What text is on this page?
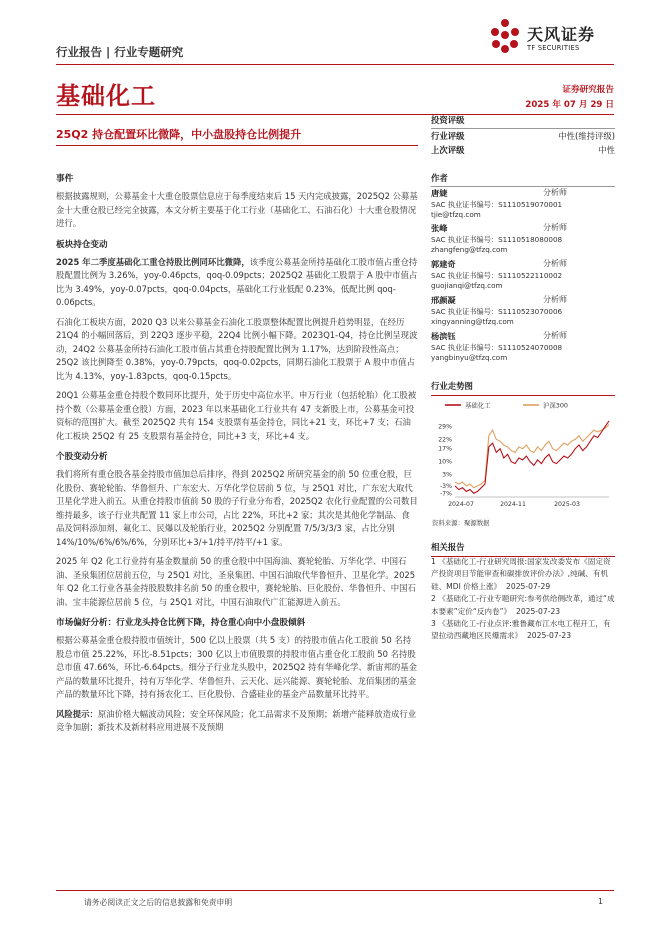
行业报告 | 行业专题研究
天风证券
TF SECURITIES
基础化工	证券研究报告
2025 年 07 月 29 日
25Q2 持仓配置环比微降，中小盘股持仓比例提升
投资评级
行业评级	中性(维持评级)
上次评级	中性
作者
唐婕	分析师
SAC 执业证书编号：S1110519070001
tjie@tfzq.com
张峰	分析师
SAC 执业证书编号：S1110518080008
zhangfeng@tfzq.com
郭建奇	分析师
SAC 执业证书编号：S1110522110002
guojianqi@tfzq.com
邢颜凝	分析师
SAC 执业证书编号：S1110523070006
xingyanning@tfzq.com
杨滨钰	分析师
SAC 执业证书编号：S1110524070008
yangbinyu@tfzq.com
行业走势图
基础化工	沪深300
29%
22%
17%
10%
3%
-3%
-7%
2024-07	2024-11	2025-03
资料来源：聚源数据
相关报告
1 《基础化工-行业研究周报:国家发改委发布《固定资产投资项目节能审查和碳排放评价办法》,纯碱、有机硅、MDI 价格上涨》 2025-07-29
2 《基础化工-行业专题研究:参考供给侧改革，通过“成本要素”定价“反内卷”》 2025-07-23
3 《基础化工-行业点评:雅鲁藏布江水电工程开工，有望拉动西藏地区民爆需求》 2025-07-23

事件

根据披露规则，公募基金十大重仓股票信息应于每季度结束后 15 天内完成披露，2025Q2 公募基金十大重仓股已经完全披露，本文分析主要基于化工行业（基础化工、石油石化）十大重仓股情况进行。

板块持仓变动

2025 年二季度基础化工重仓持股比例同环比微降，该季度公募基金所持基础化工股市值占重仓持股配置比例为 3.26%，yoy-0.46pcts，qoq-0.09pcts；2025Q2 基础化工股票于 A 股中市值占比为 3.49%，yoy-0.07pcts，qoq-0.04pcts，基础化工行业低配 0.23%，低配比例 qoq-0.06pcts。

石油化工板块方面，2020 Q3 以来公募基金石油化工股票整体配置比例提升趋势明显，在经历 21Q4 的小幅回落后，到 22Q3 逐步平稳，22Q4 比例小幅下降。2023Q1-Q4，持仓比例呈现波动，24Q2 公募基金所持石油化工股市值占其重仓持股配置比例为 1.17%，达到阶段性高点；25Q2 该比例降至 0.38%，yoy-0.79pcts，qoq-0.02pcts，同期石油化工股票于 A 股中市值占比为 4.13%，yoy-1.83pcts，qoq-0.15pcts。

20Q1 公募基金重仓持股个数同环比提升，处于历史中高位水平。申万行业（包括轮胎）化工股被持个数（公募基金重仓股）方面，2023 年以来基础化工行业共有 47 支新股上市，公募基金可投资标的范围扩大。截至 2025Q2 共有 154 支股票有基金持仓，同比+21 支，环比+7 支；石油化工板块 25Q2 有 25 支股票有基金持仓，同比+3 支，环比+4 支。

个股变动分析

我们将所有重仓股各基金持股市值加总后排序，得到 2025Q2 所研究基金的前 50 位重仓股，巨化股份、赛轮轮胎、华鲁恒升、广东宏大、万华化学位居前 5 位，与 25Q1 对比，广东宏大取代卫星化学进入前五。从重仓持股市值前 50 股的子行业分布看，2025Q2 农化行业配置的公司数目维持最多，该子行业共配置 11 家上市公司，占比 22%，环比+2 家；其次是其他化学制品、食品及饲料添加剂、氟化工、民爆以及轮胎行业，2025Q2 分别配置 7/5/3/3/3 家，占比分别 14%/10%/6%/6%/6%，分别环比+3/+1/持平/持平/+1 家。

2025 年 Q2 化工行业持有基金数量前 50 的重仓股中中国海油、赛轮轮胎、万华化学、中国石油、圣泉集团位居前五位，与 25Q1 对比，圣泉集团、中国石油取代华鲁恒升、卫星化学。2025 年 Q2 化工行业各基金持股股数排名前 50 的重仓股中，赛轮轮胎、巨化股份、华鲁恒升、中国石油、宝丰能源位居前 5 位，与 25Q1 对比，中国石油取代广汇能源进入前五。

市场偏好分析：行业龙头持仓比例下降，持仓重心向中小盘股倾斜

根据公募基金重仓股持股市值统计，500 亿以上股票（共 5 支）的持股市值占化工股前 50 名持股总市值 25.22%，环比-8.51pcts；300 亿以上市值股票的持股市值占重仓化工股前 50 名持股总市值 47.66%，环比-6.64pcts。细分子行业龙头股中，2025Q2 持有华峰化学、新宙邦的基金产品的数量环比提升，持有万华化学、华鲁恒升、云天化、远兴能源、赛轮轮胎、龙佰集团的基金产品的数量环比下降，持有扬农化工、巨化股份、合盛硅业的基金产品数量环比持平。

风险提示：原油价格大幅波动风险；安全环保风险；化工品需求不及预期；新增产能释放造成行业竞争加剧；新技术及新材料应用进展不及预期

请务必阅读正文之后的信息披露和免责申明	1
